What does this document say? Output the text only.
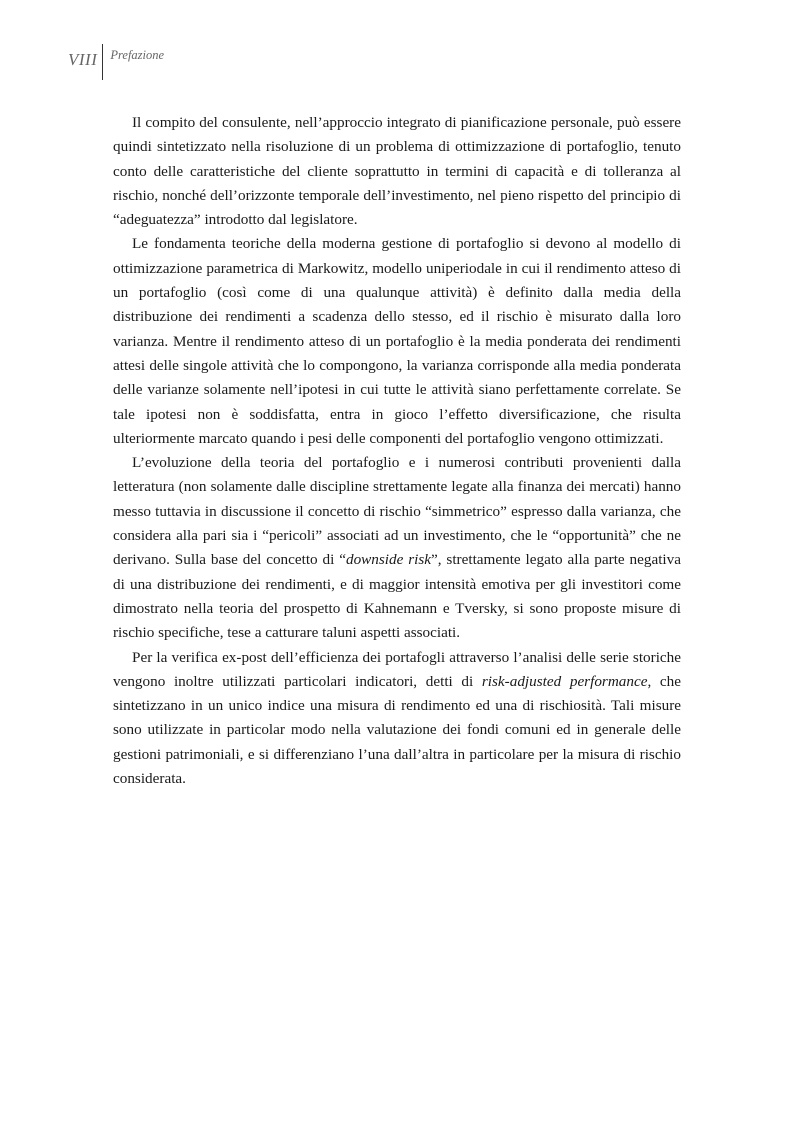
VIII	Prefazione

Il compito del consulente, nell’approccio integrato di pianificazione personale, può essere quindi sintetizzato nella risoluzione di un problema di ottimizzazione di portafoglio, tenuto conto delle caratteristiche del cliente soprattutto in termini di capacità e di tolleranza al rischio, nonché dell’orizzonte temporale dell’investimento, nel pieno rispetto del principio di “adeguatezza” introdotto dal legislatore.

Le fondamenta teoriche della moderna gestione di portafoglio si devono al modello di ottimizzazione parametrica di Markowitz, modello uniperiodale in cui il rendimento atteso di un portafoglio (così come di una qualunque attività) è definito dalla media della distribuzione dei rendimenti a scadenza dello stesso, ed il rischio è misurato dalla loro varianza. Mentre il rendimento atteso di un portafoglio è la media ponderata dei rendimenti attesi delle singole attività che lo compongono, la varianza corrisponde alla media ponderata delle varianze solamente nell’ipotesi in cui tutte le attività siano perfettamente correlate. Se tale ipotesi non è soddisfatta, entra in gioco l’effetto diversificazione, che risulta ulteriormente marcato quando i pesi delle componenti del portafoglio vengono ottimizzati.

L’evoluzione della teoria del portafoglio e i numerosi contributi provenienti dalla letteratura (non solamente dalle discipline strettamente legate alla finanza dei mercati) hanno messo tuttavia in discussione il concetto di rischio “simmetrico” espresso dalla varianza, che considera alla pari sia i “pericoli” associati ad un investimento, che le “opportunità” che ne derivano. Sulla base del concetto di “downside risk”, strettamente legato alla parte negativa di una distribuzione dei rendimenti, e di maggior intensità emotiva per gli investitori come dimostrato nella teoria del prospetto di Kahnemann e Tversky, si sono proposte misure di rischio specifiche, tese a catturare taluni aspetti associati.

Per la verifica ex-post dell’efficienza dei portafogli attraverso l’analisi delle serie storiche vengono inoltre utilizzati particolari indicatori, detti di risk-adjusted performance, che sintetizzano in un unico indice una misura di rendimento ed una di rischiosità. Tali misure sono utilizzate in particolar modo nella valutazione dei fondi comuni ed in generale delle gestioni patrimoniali, e si differenziano l’una dall’altra in particolare per la misura di rischio considerata.
